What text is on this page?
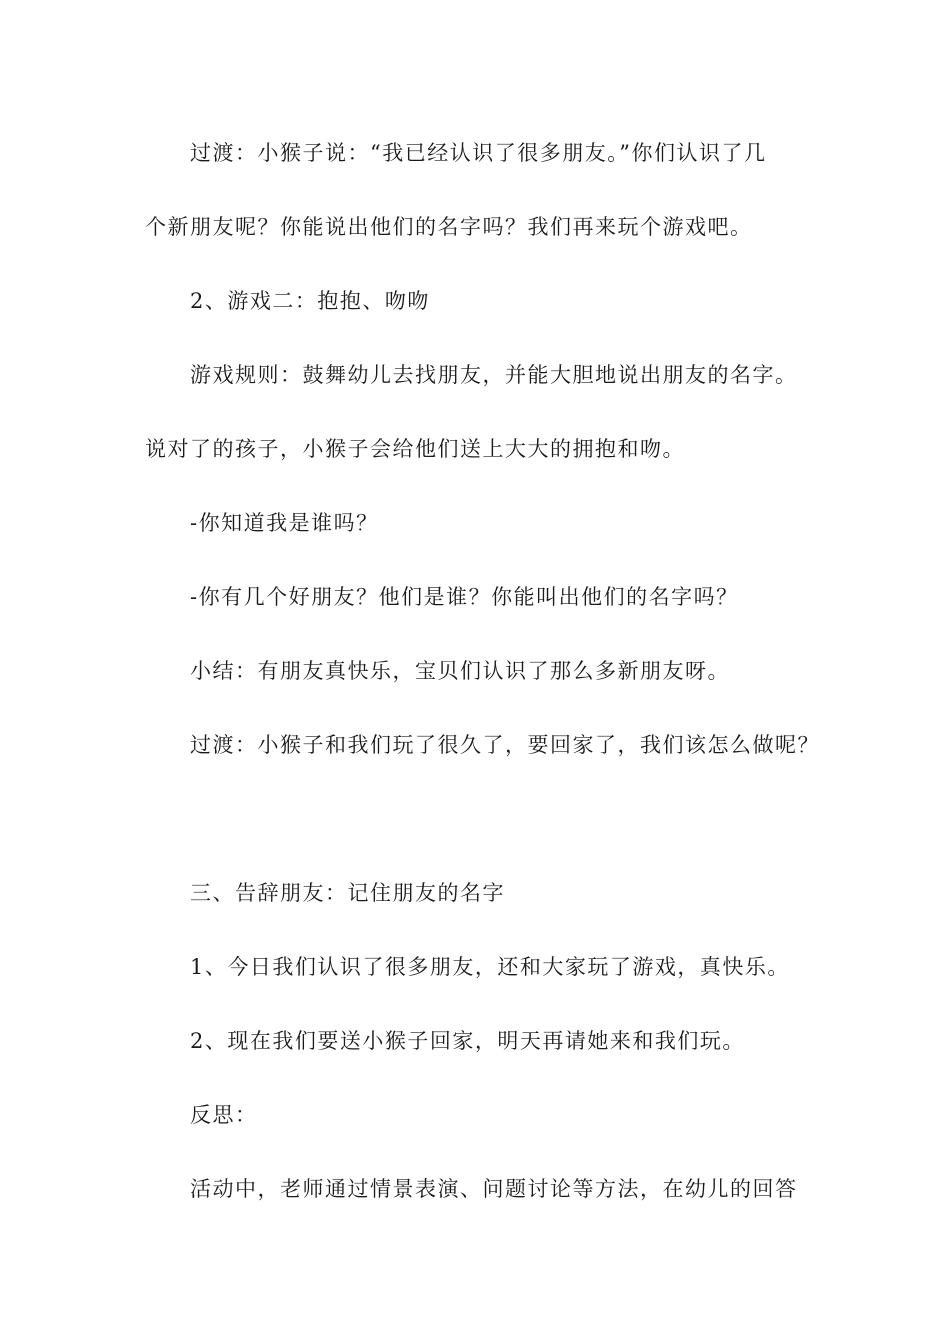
过渡：小猴子说：“我已经认识了很多朋友。”你们认识了几
个新朋友呢？你能说出他们的名字吗？我们再来玩个游戏吧。
2、游戏二：抱抱、吻吻
游戏规则：鼓舞幼儿去找朋友，并能大胆地说出朋友的名字。
说对了的孩子，小猴子会给他们送上大大的拥抱和吻。
-你知道我是谁吗？
-你有几个好朋友？他们是谁？你能叫出他们的名字吗？
小结：有朋友真快乐，宝贝们认识了那么多新朋友呀。
过渡：小猴子和我们玩了很久了，要回家了，我们该怎么做呢？
三、告辞朋友：记住朋友的名字
1、今日我们认识了很多朋友，还和大家玩了游戏，真快乐。
2、现在我们要送小猴子回家，明天再请她来和我们玩。
反思：
活动中，老师通过情景表演、问题讨论等方法，在幼儿的回答
